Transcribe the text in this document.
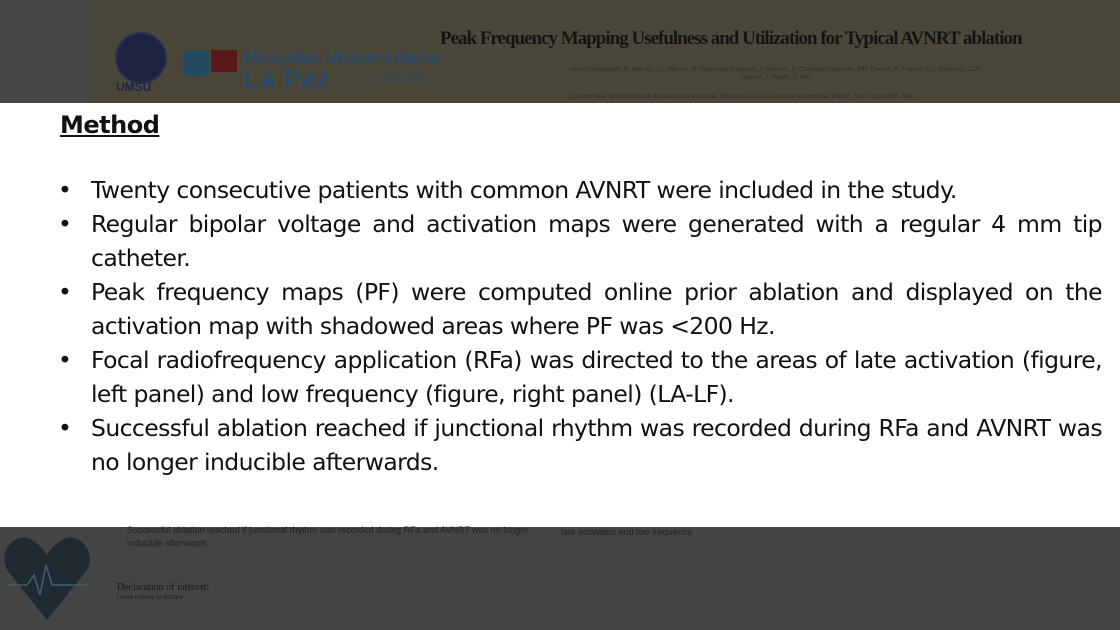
UMSU
Hospital Universitario
La Paz	Hospital Carlos III Hospital Cantoblanco
Peak Frequency Mapping Usefulness and Utilization for Typical AVNRT ablation
Ahmad Handayani¹, G. Marcos¹, J.L. Merino², M. Sanroman Junquera², J. Moreno², S. Castrejon-Castrejon², MR. Cuesta², E. Franco², C.L. Gimenez², J.DV Alarcon², J. Ritani², S. Kim
(1) Universitas Muhammadiyah Sumatera Utara, Medan, Indonesia; (2) La Paz University Hospital, Madrid, Spain; (3) Abbott, New
Method
• Twenty consecutive patients with common AVNRT were included in the study.
• Regular bipolar voltage and activation maps were generated with a regular 4 mm tip catheter.
• Peak frequency maps (PF) were computed online prior ablation and displayed on the activation map with shadowed areas where PF was <200 Hz.
• Focal radiofrequency application (RFa) was directed to the areas of late activation (figure, left panel) and low frequency (figure, right panel) (LA-LF).
• Successful ablation reached if junctional rhythm was recorded during RFa and AVNRT was no longer inducible afterwards.
Successful ablation reached if junctional rhythm was recorded during RFa and AVNRT was no longer inducible afterwards.
late activation and low frequency.
Declaration of interest:
I have nothing to declare
